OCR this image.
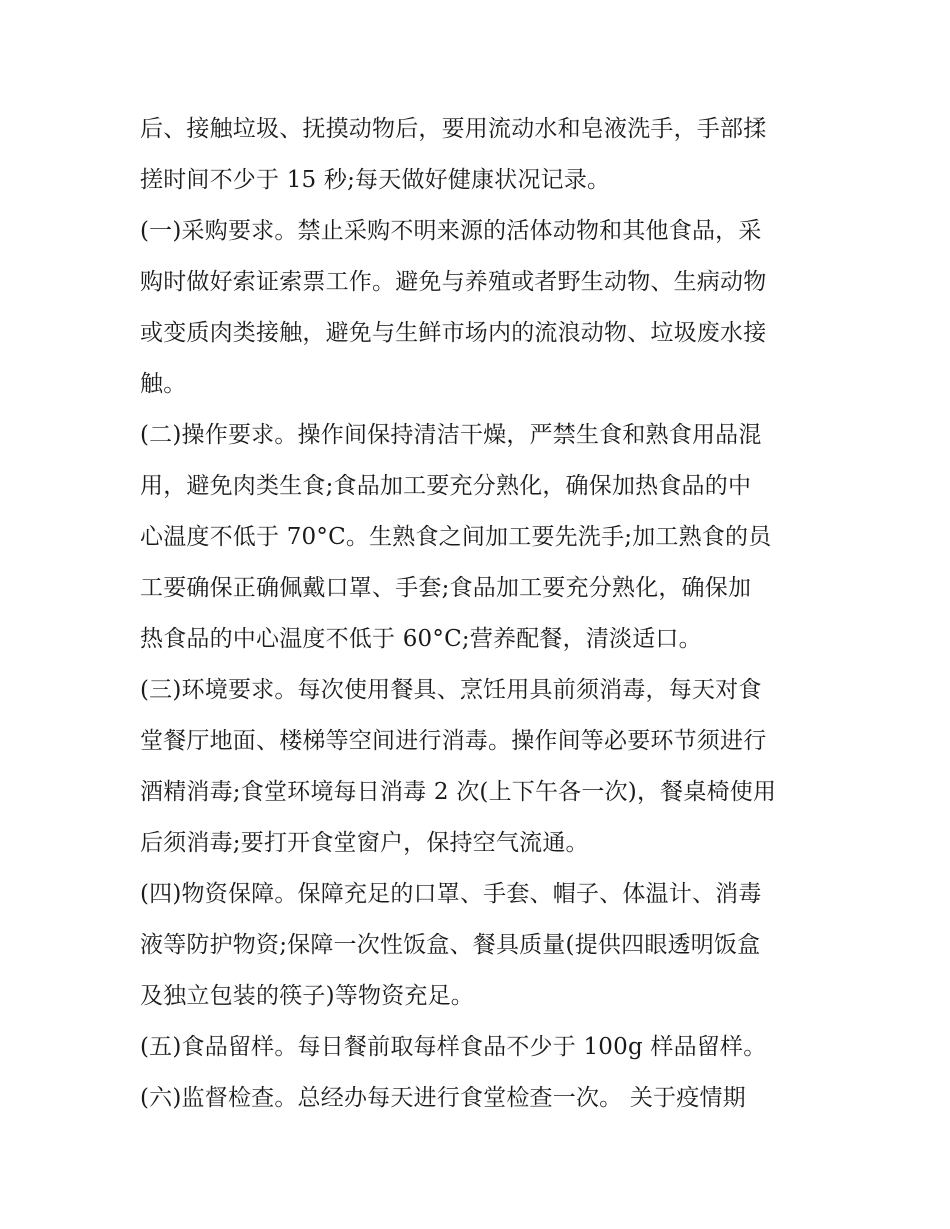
后、接触垃圾、抚摸动物后，要用流动水和皂液洗手，手部揉
搓时间不少于 15 秒;每天做好健康状况记录。
(一)采购要求。禁止采购不明来源的活体动物和其他食品，采
购时做好索证索票工作。避免与养殖或者野生动物、生病动物
或变质肉类接触，避免与生鲜市场内的流浪动物、垃圾废水接
触。
(二)操作要求。操作间保持清洁干燥，严禁生食和熟食用品混
用，避免肉类生食;食品加工要充分熟化，确保加热食品的中
心温度不低于 70°C。生熟食之间加工要先洗手;加工熟食的员
工要确保正确佩戴口罩、手套;食品加工要充分熟化，确保加
热食品的中心温度不低于 60°C;营养配餐，清淡适口。
(三)环境要求。每次使用餐具、烹饪用具前须消毒，每天对食
堂餐厅地面、楼梯等空间进行消毒。操作间等必要环节须进行
酒精消毒;食堂环境每日消毒 2 次(上下午各一次)，餐桌椅使用
后须消毒;要打开食堂窗户，保持空气流通。
(四)物资保障。保障充足的口罩、手套、帽子、体温计、消毒
液等防护物资;保障一次性饭盒、餐具质量(提供四眼透明饭盒
及独立包装的筷子)等物资充足。
(五)食品留样。每日餐前取每样食品不少于 100g 样品留样。
(六)监督检查。总经办每天进行食堂检查一次。 关于疫情期
